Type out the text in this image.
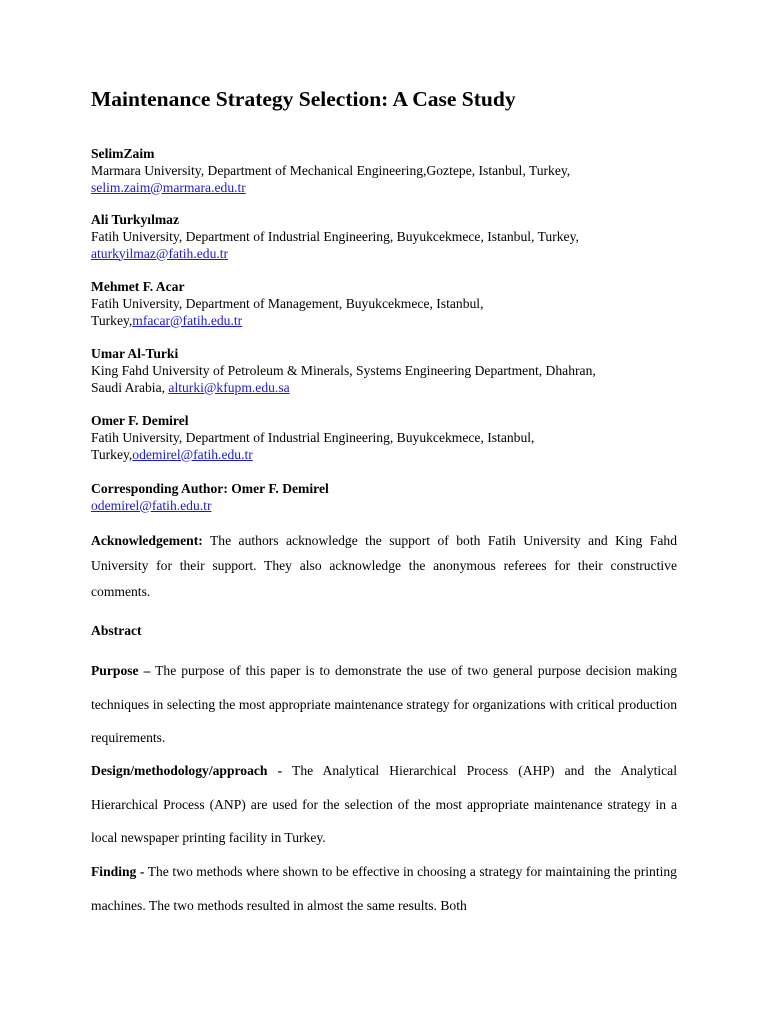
Maintenance Strategy Selection: A Case Study
SelimZaim
Marmara University, Department of Mechanical Engineering,Goztepe, Istanbul, Turkey,
selim.zaim@marmara.edu.tr
Ali Turkyılmaz
Fatih University, Department of Industrial Engineering, Buyukcekmece, Istanbul, Turkey,
aturkyilmaz@fatih.edu.tr
Mehmet F. Acar
Fatih University, Department of Management, Buyukcekmece, Istanbul,
Turkey,mfacar@fatih.edu.tr
Umar Al-Turki
King Fahd University of Petroleum & Minerals, Systems Engineering Department, Dhahran,
Saudi Arabia, alturki@kfupm.edu.sa
Omer F. Demirel
Fatih University, Department of Industrial Engineering, Buyukcekmece, Istanbul,
Turkey,odemirel@fatih.edu.tr
Corresponding Author: Omer F. Demirel
odemirel@fatih.edu.tr

Acknowledgement: The authors acknowledge the support of both Fatih University and King Fahd University for their support. They also acknowledge the anonymous referees for their constructive comments.

Abstract

Purpose – The purpose of this paper is to demonstrate the use of two general purpose decision making techniques in selecting the most appropriate maintenance strategy for organizations with critical production requirements.

Design/methodology/approach - The Analytical Hierarchical Process (AHP) and the Analytical Hierarchical Process (ANP) are used for the selection of the most appropriate maintenance strategy in a local newspaper printing facility in Turkey.

Finding - The two methods where shown to be effective in choosing a strategy for maintaining the printing machines. The two methods resulted in almost the same results. Both
